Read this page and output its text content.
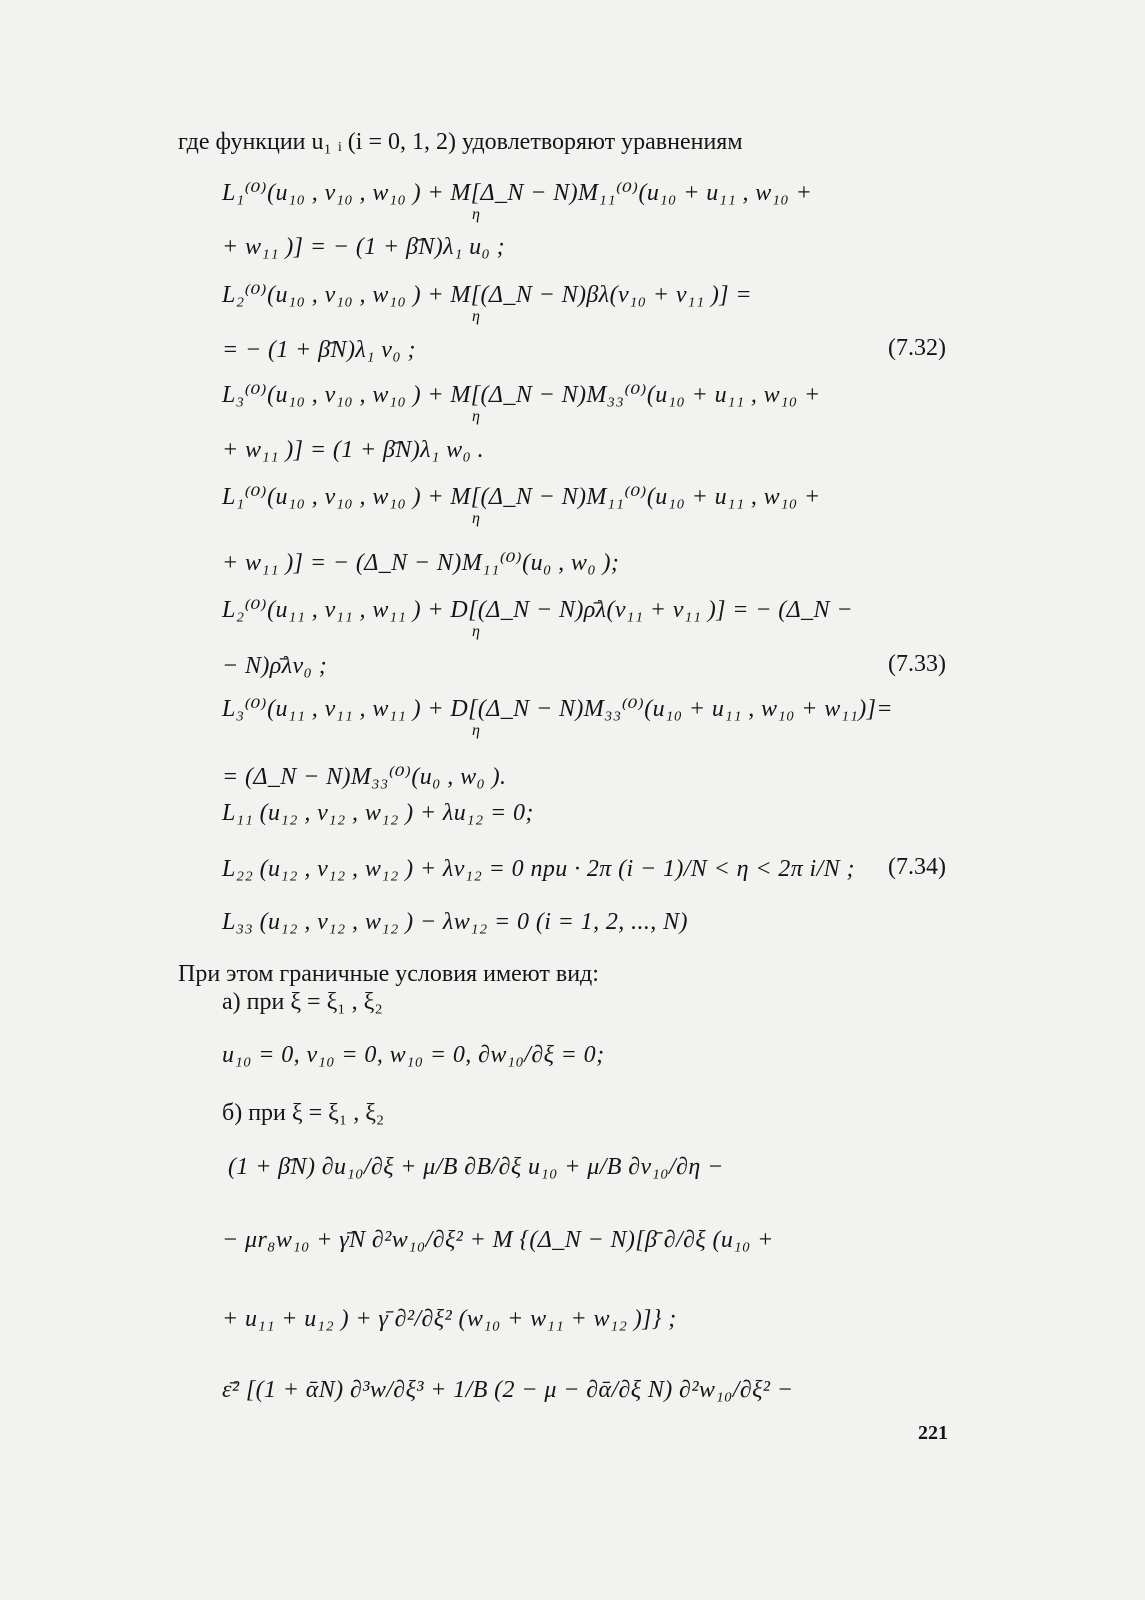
где функции u₁ ᵢ (i = 0, 1, 2) удовлетворяют уравнениям
L₁⁽⁰⁾(u₁₀ , v₁₀ , w₁₀ ) + M[Δ_N − N)M₁₁⁽⁰⁾(u₁₀ + u₁₁ , w₁₀ +
η
+ w₁₁ )] = − (1 + β̄N)λ₁ u₀ ;
L₂⁽⁰⁾(u₁₀ , v₁₀ , w₁₀ ) + M[(Δ_N − N)βλ(v₁₀ + v₁₁ )] =
η
= − (1 + β̄N)λ₁ v₀ ;	(7.32)
L₃⁽⁰⁾(u₁₀ , v₁₀ , w₁₀ ) + M[(Δ_N − N)M₃₃⁽⁰⁾(u₁₀ + u₁₁ , w₁₀ +
η
+ w₁₁ )] = (1 + β̄N)λ₁ w₀ .
L₁⁽⁰⁾(u₁₀ , v₁₀ , w₁₀ ) + M[(Δ_N − N)M₁₁⁽⁰⁾(u₁₀ + u₁₁ , w₁₀ +
η
+ w₁₁ )] = − (Δ_N − N)M₁₁⁽⁰⁾(u₀ , w₀ );
L₂⁽⁰⁾(u₁₁ , v₁₁ , w₁₁ ) + D[(Δ_N − N)ρ̄λ(v₁₁ + v₁₁ )] = − (Δ_N −
η
− N)ρ̄λv₀ ;	(7.33)
L₃⁽⁰⁾(u₁₁ , v₁₁ , w₁₁ ) + D[(Δ_N − N)M₃₃⁽⁰⁾(u₁₀ + u₁₁ , w₁₀ + w₁₁)]=
η
= (Δ_N − N)M₃₃⁽⁰⁾(u₀ , w₀ ).
L₁₁ (u₁₂ , v₁₂ , w₁₂ ) + λu₁₂ = 0;
L₂₂ (u₁₂ , v₁₂ , w₁₂ ) + λv₁₂ = 0 при · 2π (i − 1)/N < η < 2π i/N ; (7.34)
L₃₃ (u₁₂ , v₁₂ , w₁₂ ) − λw₁₂ = 0 (i = 1, 2, ..., N)
При этом граничные условия имеют вид:
а) при ξ = ξ₁ , ξ₂
u₁₀ = 0, v₁₀ = 0, w₁₀ = 0, ∂w₁₀/∂ξ = 0;
б) при ξ = ξ₁ , ξ₂
(1 + β̄N) ∂u₁₀/∂ξ + μ/B ∂B/∂ξ u₁₀ + μ/B ∂v₁₀/∂η −
− μr₈w₁₀ + γ̄N ∂²w₁₀/∂ξ² + M {(Δ_N − N)[β̄ ∂/∂ξ (u₁₀ +
+ u₁₁ + u₁₂ ) + γ̄ ∂²/∂ξ² (w₁₀ + w₁₁ + w₁₂ )]} ;
ε̄² [(1 + ᾱN) ∂³w/∂ξ³ + 1/B (2 − μ − ∂ᾱ/∂ξ N) ∂²w₁₀/∂ξ² −
221
